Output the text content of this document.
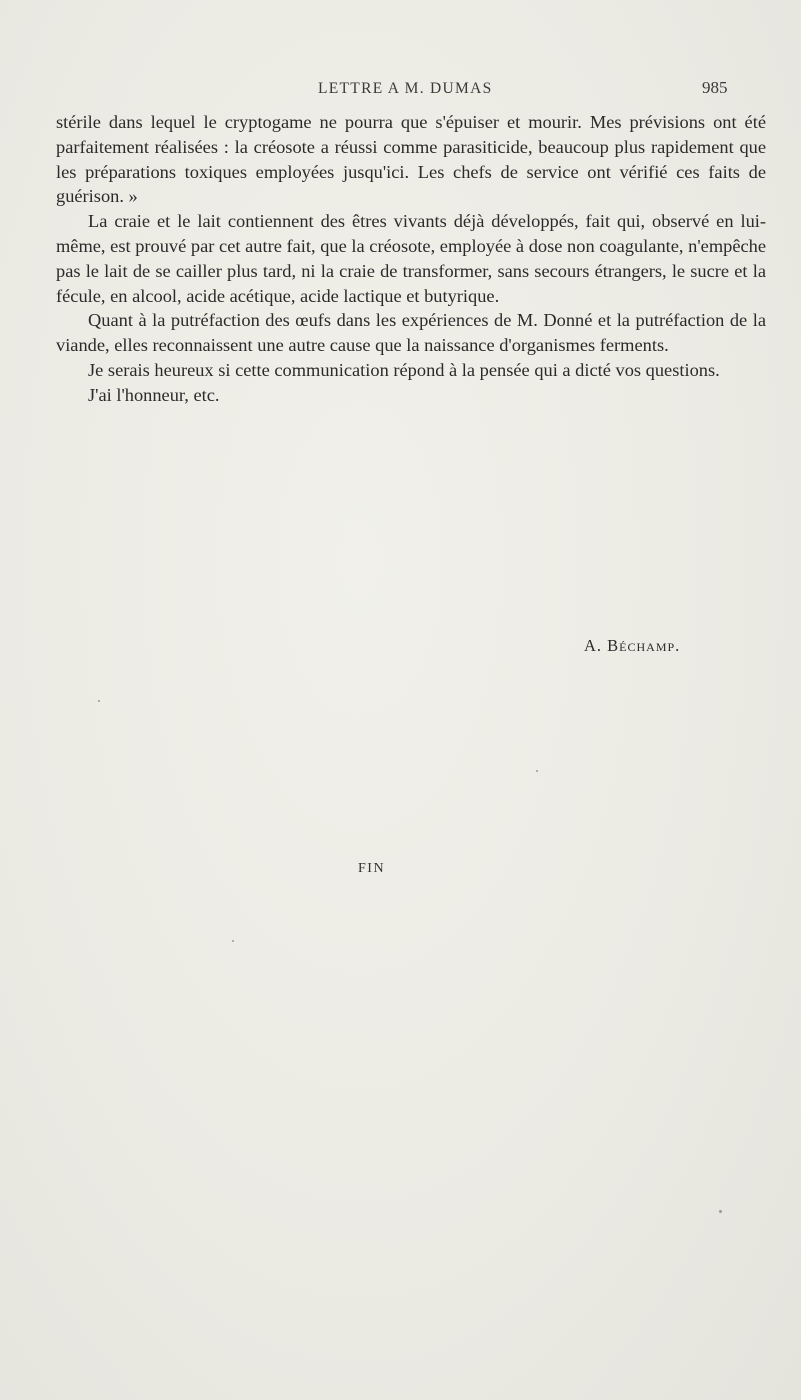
LETTRE A M. DUMAS	985

stérile dans lequel le cryptogame ne pourra que s'épuiser et mourir. Mes prévisions ont été parfaitement réalisées : la créosote a réussi comme parasiticide, beaucoup plus rapidement que les préparations toxiques employées jusqu'ici. Les chefs de service ont vérifié ces faits de guérison. »

La craie et le lait contiennent des êtres vivants déjà développés, fait qui, observé en lui-même, est prouvé par cet autre fait, que la créosote, employée à dose non coagulante, n'empêche pas le lait de se cailler plus tard, ni la craie de transformer, sans secours étrangers, le sucre et la fécule, en alcool, acide acétique, acide lactique et butyrique.

Quant à la putréfaction des œufs dans les expériences de M. Donné et la putréfaction de la viande, elles reconnaissent une autre cause que la naissance d'organismes ferments.

Je serais heureux si cette communication répond à la pensée qui a dicté vos questions.

J'ai l'honneur, etc.

A. Béchamp.
FIN
